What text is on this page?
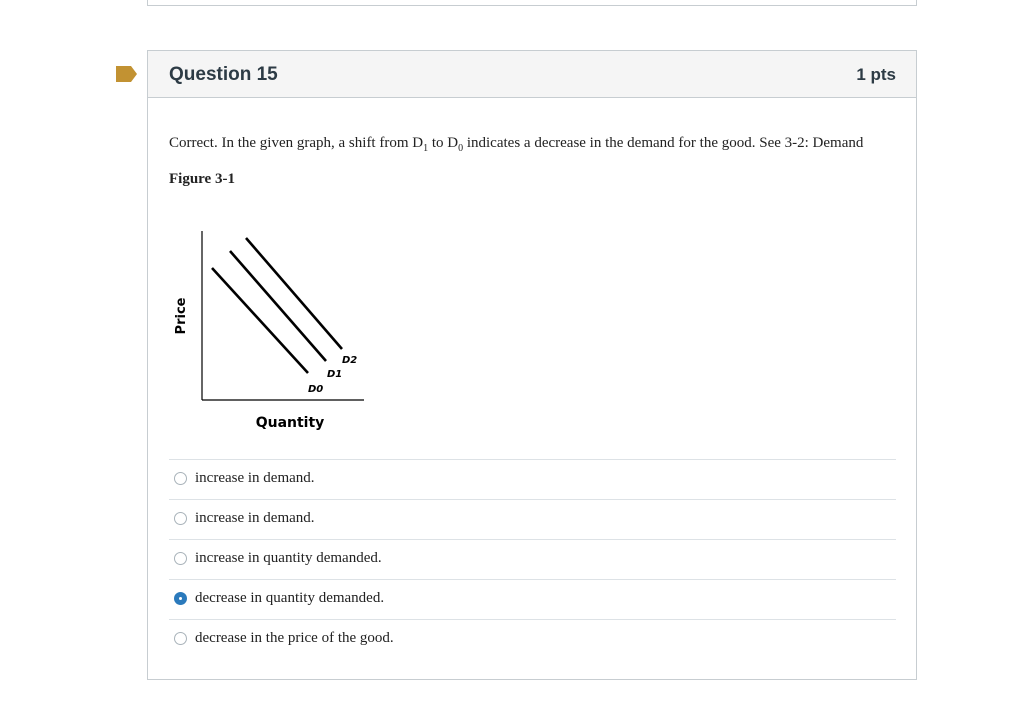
Question 15	1 pts

Correct. In the given graph, a shift from $D_1$ to $D_0$ indicates a decrease in the demand for the good. See 3-2: Demand

Figure 3-1
D0
D1
D2
Price
Quantity
increase in demand.
increase in demand.
increase in quantity demanded.
decrease in quantity demanded.
decrease in the price of the good.
